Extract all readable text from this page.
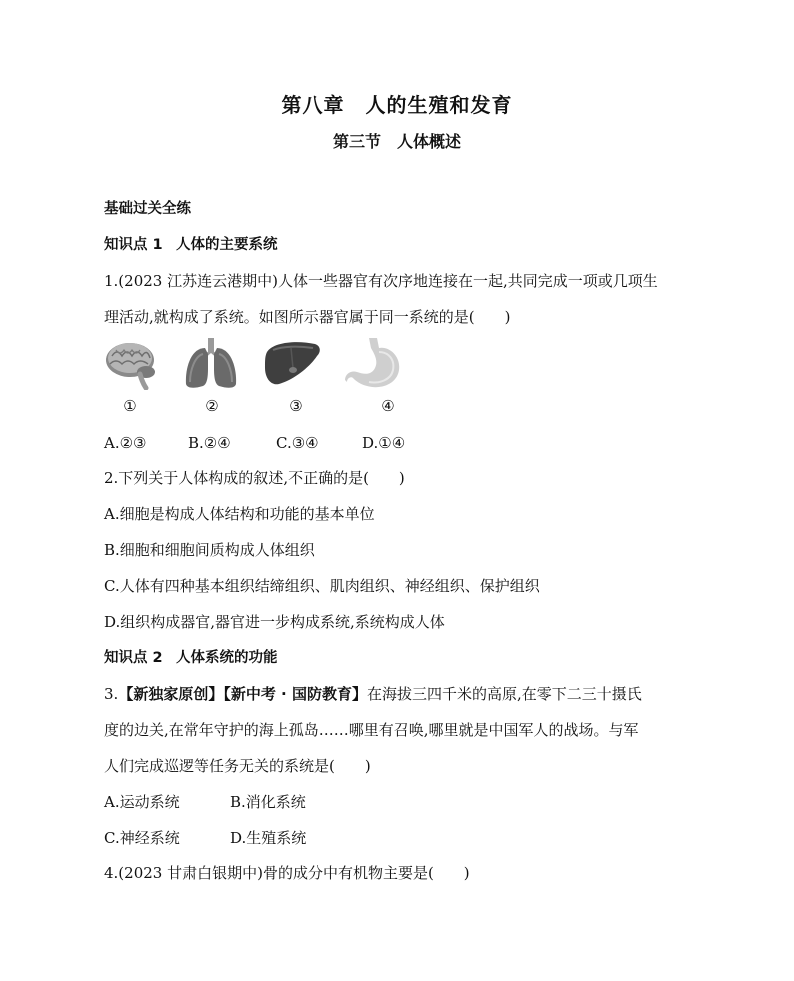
第八章　人的生殖和发育
第三节　人体概述
基础过关全练
知识点 1 人体的主要系统
1.(2023 江苏连云港期中)人体一些器官有次序地连接在一起,共同完成一项或几项生
理活动,就构成了系统。如图所示器官属于同一系统的是(　　)
①	②	③	④
A.②③	B.②④	C.③④	D.①④
2.下列关于人体构成的叙述,不正确的是(　　)
A.细胞是构成人体结构和功能的基本单位
B.细胞和细胞间质构成人体组织
C.人体有四种基本组织结缔组织、肌肉组织、神经组织、保护组织
D.组织构成器官,器官进一步构成系统,系统构成人体
知识点 2 人体系统的功能
3.【新独家原创】【新中考 · 国防教育】在海拔三四千米的高原,在零下二三十摄氏
度的边关,在常年守护的海上孤岛……哪里有召唤,哪里就是中国军人的战场。与军
人们完成巡逻等任务无关的系统是(　　)
A.运动系统	B.消化系统
C.神经系统	D.生殖系统
4.(2023 甘肃白银期中)骨的成分中有机物主要是(　　)
